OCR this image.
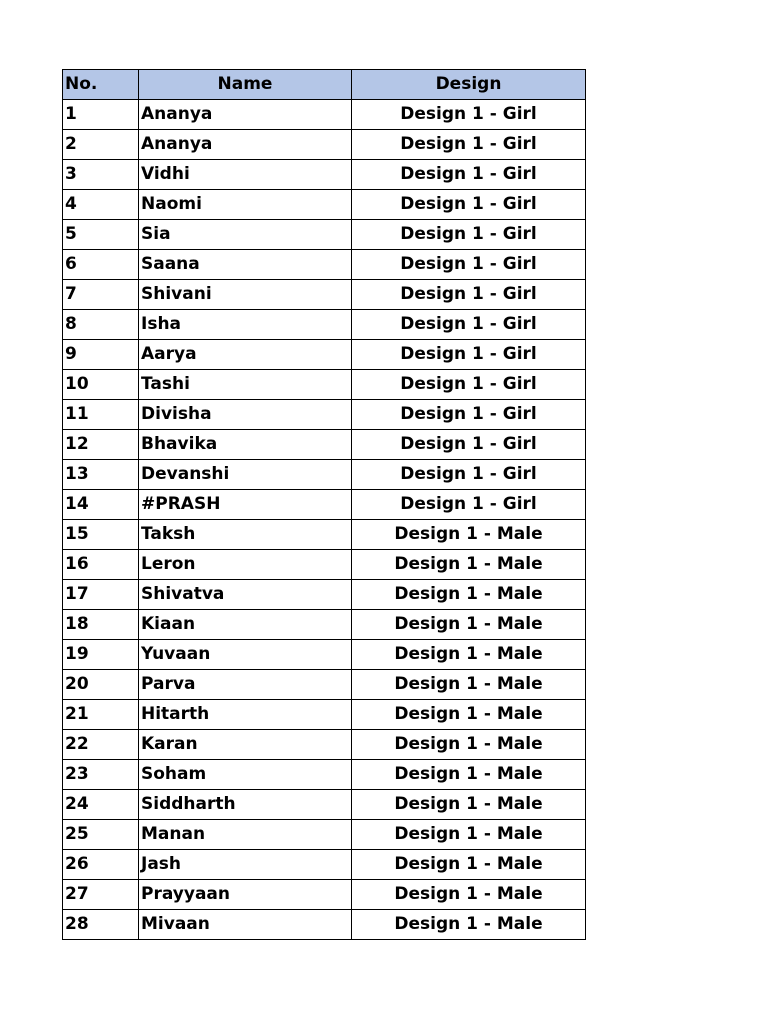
No.	Name	Design
1	Ananya	Design 1 - Girl
2	Ananya	Design 1 - Girl
3	Vidhi	Design 1 - Girl
4	Naomi	Design 1 - Girl
5	Sia	Design 1 - Girl
6	Saana	Design 1 - Girl
7	Shivani	Design 1 - Girl
8	Isha	Design 1 - Girl
9	Aarya	Design 1 - Girl
10	Tashi	Design 1 - Girl
11	Divisha	Design 1 - Girl
12	Bhavika	Design 1 - Girl
13	Devanshi	Design 1 - Girl
14	#PRASH	Design 1 - Girl
15	Taksh	Design 1 - Male
16	Leron	Design 1 - Male
17	Shivatva	Design 1 - Male
18	Kiaan	Design 1 - Male
19	Yuvaan	Design 1 - Male
20	Parva	Design 1 - Male
21	Hitarth	Design 1 - Male
22	Karan	Design 1 - Male
23	Soham	Design 1 - Male
24	Siddharth	Design 1 - Male
25	Manan	Design 1 - Male
26	Jash	Design 1 - Male
27	Prayyaan	Design 1 - Male
28	Mivaan	Design 1 - Male
